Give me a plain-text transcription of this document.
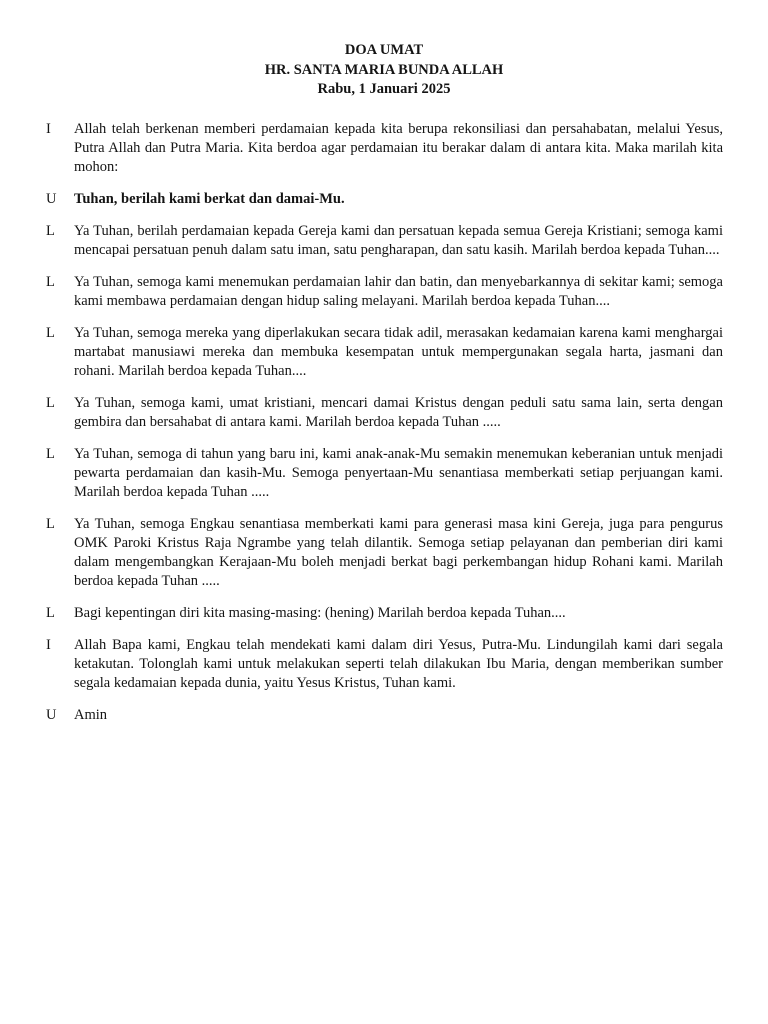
DOA UMAT
HR. SANTA MARIA BUNDA ALLAH
Rabu, 1 Januari 2025
I Allah telah berkenan memberi perdamaian kepada kita berupa rekonsiliasi dan persahabatan, melalui Yesus, Putra Allah dan Putra Maria. Kita berdoa agar perdamaian itu berakar dalam di antara kita. Maka marilah kita mohon:
U Tuhan, berilah kami berkat dan damai-Mu.
L Ya Tuhan, berilah perdamaian kepada Gereja kami dan persatuan kepada semua Gereja Kristiani; semoga kami mencapai persatuan penuh dalam satu iman, satu pengharapan, dan satu kasih. Marilah berdoa kepada Tuhan....
L Ya Tuhan, semoga kami menemukan perdamaian lahir dan batin, dan menyebarkannya di sekitar kami; semoga kami membawa perdamaian dengan hidup saling melayani. Marilah berdoa kepada Tuhan....
L Ya Tuhan, semoga mereka yang diperlakukan secara tidak adil, merasakan kedamaian karena kami menghargai martabat manusiawi mereka dan membuka kesempatan untuk mempergunakan segala harta, jasmani dan rohani. Marilah berdoa kepada Tuhan....
L Ya Tuhan, semoga kami, umat kristiani, mencari damai Kristus dengan peduli satu sama lain, serta dengan gembira dan bersahabat di antara kami. Marilah berdoa kepada Tuhan .....
L Ya Tuhan, semoga di tahun yang baru ini, kami anak-anak-Mu semakin menemukan keberanian untuk menjadi pewarta perdamaian dan kasih-Mu. Semoga penyertaan-Mu senantiasa memberkati setiap perjuangan kami. Marilah berdoa kepada Tuhan .....
L Ya Tuhan, semoga Engkau senantiasa memberkati kami para generasi masa kini Gereja, juga para pengurus OMK Paroki Kristus Raja Ngrambe yang telah dilantik. Semoga setiap pelayanan dan pemberian diri kami dalam mengembangkan Kerajaan-Mu boleh menjadi berkat bagi perkembangan hidup Rohani kami. Marilah berdoa kepada Tuhan .....
L Bagi kepentingan diri kita masing-masing: (hening) Marilah berdoa kepada Tuhan....
I Allah Bapa kami, Engkau telah mendekati kami dalam diri Yesus, Putra-Mu. Lindungilah kami dari segala ketakutan. Tolonglah kami untuk melakukan seperti telah dilakukan Ibu Maria, dengan memberikan sumber segala kedamaian kepada dunia, yaitu Yesus Kristus, Tuhan kami.
U Amin
